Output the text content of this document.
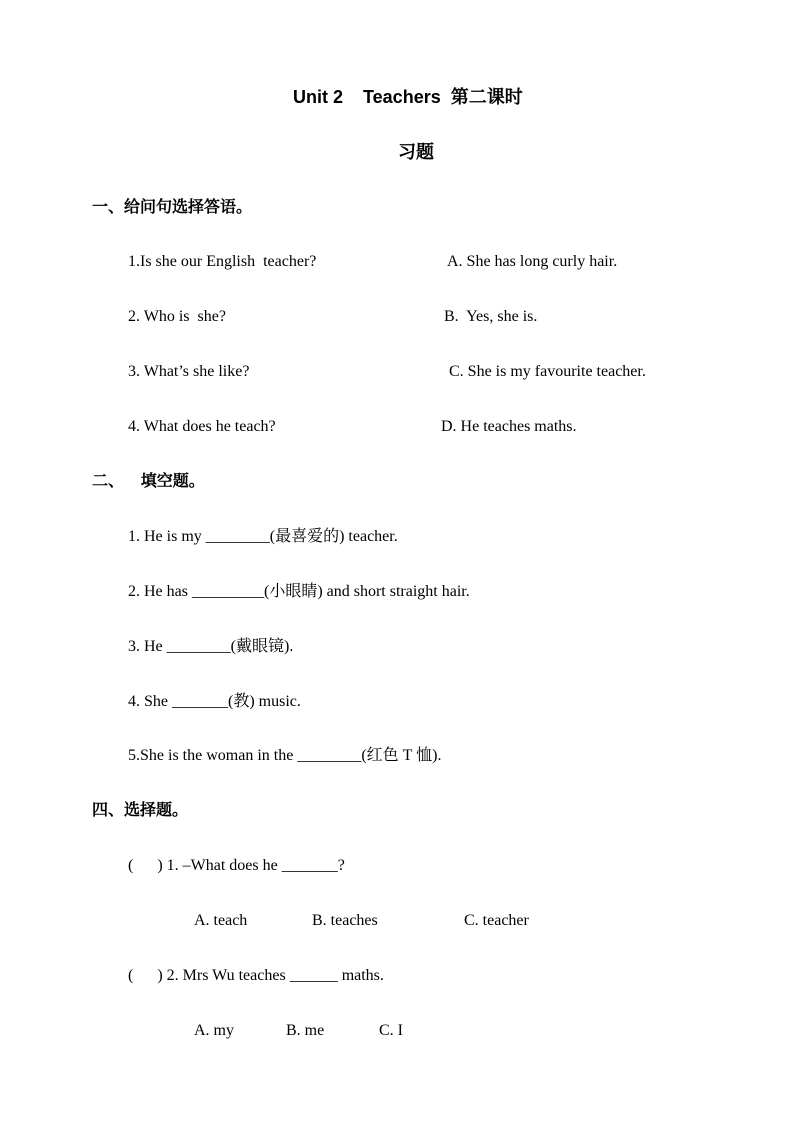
Unit 2    Teachers  第二课时
习题
一、给问句选择答语。
1.Is she our English  teacher?	A. She has long curly hair.
2. Who is  she?	B.  Yes, she is.
3. What’s she like?	C. She is my favourite teacher.
4. What does he teach?	D. He teaches maths.
二、   填空题。
1. He is my ________(最喜爱的) teacher.
2. He has _________(小眼睛) and short straight hair.
3. He ________(戴眼镜).
4. She _______(教) music.
5.She is the woman in the ________(红色 T 恤).
四、选择题。
(      ) 1. –What does he _______?
A. teach	B. teaches	C. teacher
(      ) 2. Mrs Wu teaches ______ maths.
A. my	B. me	C. I
